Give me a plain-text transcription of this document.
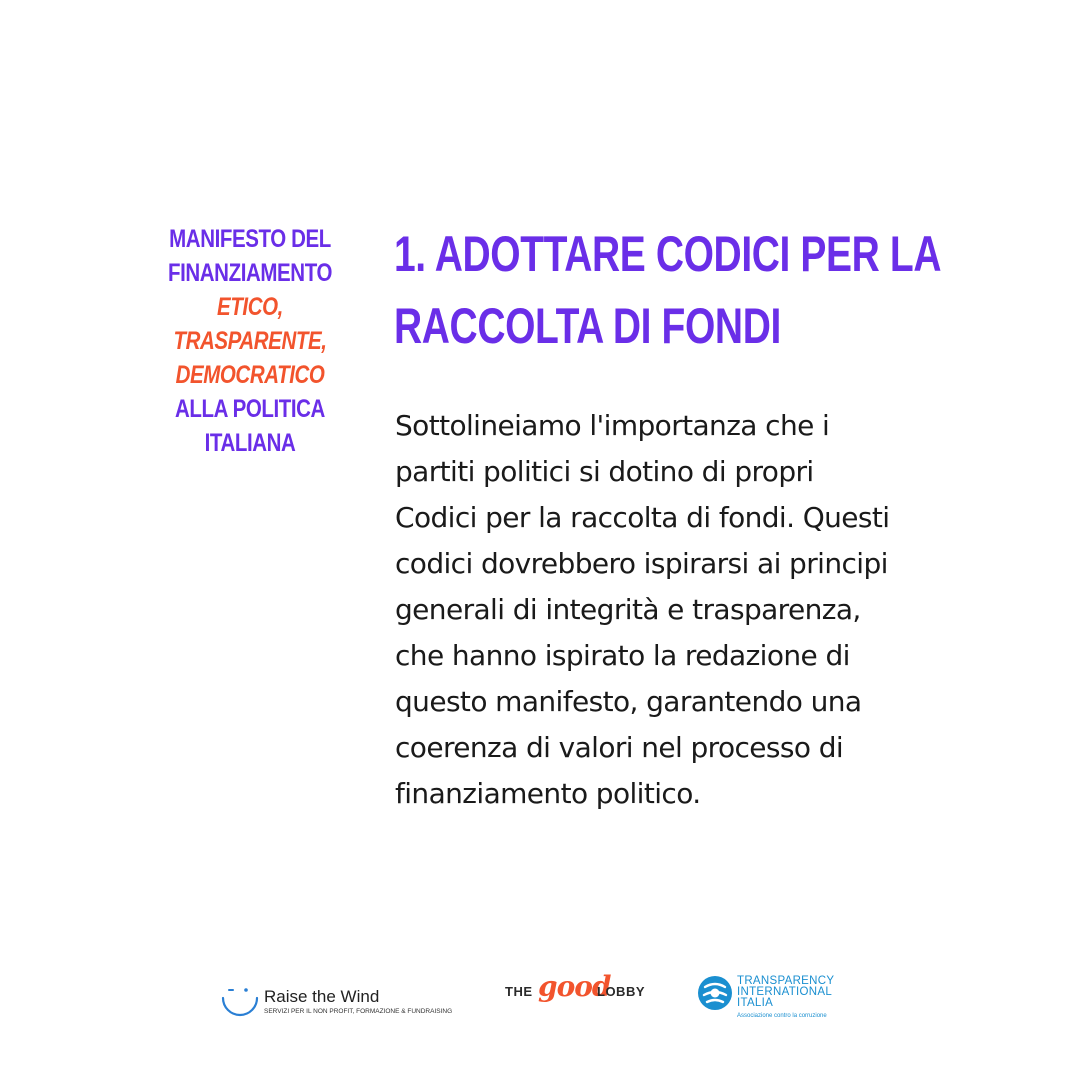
MANIFESTO DEL
FINANZIAMENTO
ETICO, TRASPARENTE,
DEMOCRATICO
ALLA POLITICA
ITALIANA
1. ADOTTARE CODICI PER LA
RACCOLTA DI FONDI
Sottolineiamo l'importanza che i
partiti politici si dotino di propri
Codici per la raccolta di fondi. Questi
codici dovrebbero ispirarsi ai principi
generali di integrità e trasparenza,
che hanno ispirato la redazione di
questo manifesto, garantendo una
coerenza di valori nel processo di
finanziamento politico.
Raise the Wind
SERVIZI PER IL NON PROFIT, FORMAZIONE & FUNDRAISING
THE good
LOBBY
TRANSPARENCY
INTERNATIONAL
ITALIA
Associazione contro la corruzione
